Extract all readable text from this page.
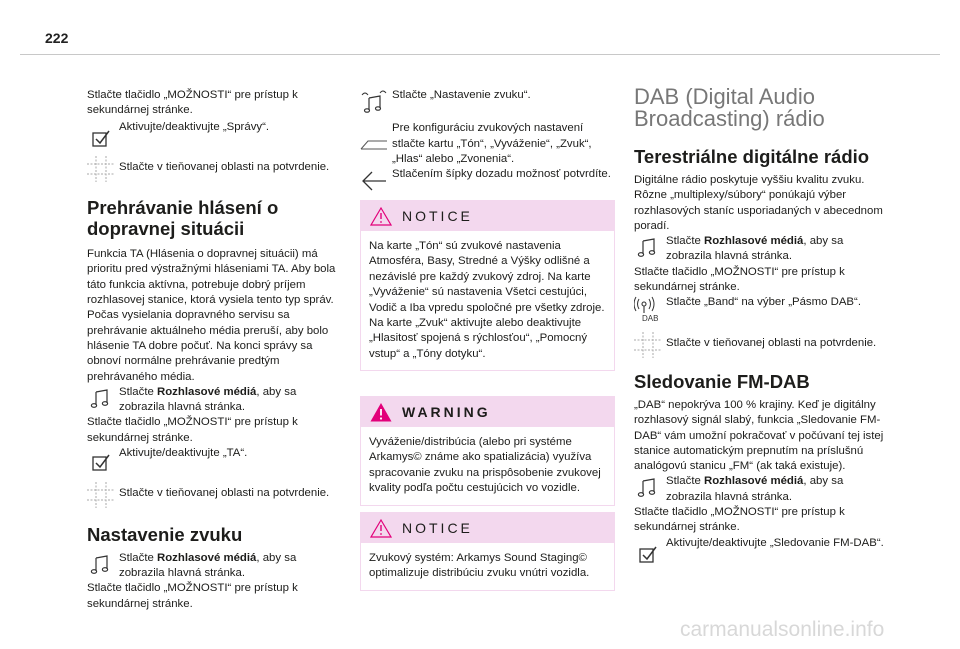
222

Stlačte tlačidlo „MOŽNOSTI“ pre prístup k sekundárnej stránke.

Aktivujte/deaktivujte „Správy“.

Stlačte v tieňovanej oblasti na potvrdenie.

Prehrávanie hlásení o dopravnej situácii

Funkcia TA (Hlásenia o dopravnej situácii) má prioritu pred výstražnými hláseniami TA. Aby bola táto funkcia aktívna, potrebuje dobrý príjem rozhlasovej stanice, ktorá vysiela tento typ správ. Počas vysielania dopravného servisu sa prehrávanie aktuálneho média preruší, aby bolo hlásenie TA dobre počuť. Na konci správy sa obnoví normálne prehrávanie predtým prehrávaného média.

Stlačte Rozhlasové médiá, aby sa zobrazila hlavná stránka.

Stlačte tlačidlo „MOŽNOSTI“ pre prístup k sekundárnej stránke.

Aktivujte/deaktivujte „TA“.

Stlačte v tieňovanej oblasti na potvrdenie.

Nastavenie zvuku

Stlačte Rozhlasové médiá, aby sa zobrazila hlavná stránka.

Stlačte tlačidlo „MOŽNOSTI“ pre prístup k sekundárnej stránke.

Stlačte „Nastavenie zvuku“.

Pre konfiguráciu zvukových nastavení stlačte kartu „Tón“, „Vyváženie“, „Zvuk“, „Hlas“ alebo „Zvonenia“.

Stlačením šípky dozadu možnosť potvrdíte.

NOTICE
Na karte „Tón“ sú zvukové nastavenia Atmosféra, Basy, Stredné a Výšky odlišné a nezávislé pre každý zvukový zdroj. Na karte „Vyváženie“ sú nastavenia Všetci cestujúci, Vodič a Iba vpredu spoločné pre všetky zdroje. Na karte „Zvuk“ aktivujte alebo deaktivujte „Hlasitosť spojená s rýchlosťou“, „Pomocný vstup“ a „Tóny dotyku“.
WARNING
Vyváženie/distribúcia (alebo pri systéme Arkamys© známe ako spatializácia) využíva spracovanie zvuku na prispôsobenie zvukovej kvality podľa počtu cestujúcich vo vozidle.
NOTICE
Zvukový systém: Arkamys Sound Staging© optimalizuje distribúciu zvuku vnútri vozidla.
DAB (Digital Audio Broadcasting) rádio
Terestriálne digitálne rádio

Digitálne rádio poskytuje vyššiu kvalitu zvuku. Rôzne „multiplexy/súbory“ ponúkajú výber rozhlasových staníc usporiadaných v abecednom poradí.

Stlačte Rozhlasové médiá, aby sa zobrazila hlavná stránka.

Stlačte tlačidlo „MOŽNOSTI“ pre prístup k sekundárnej stránke.

DAB

Stlačte „Band“ na výber „Pásmo DAB“.

Stlačte v tieňovanej oblasti na potvrdenie.

Sledovanie FM-DAB

„DAB“ nepokrýva 100 % krajiny. Keď je digitálny rozhlasový signál slabý, funkcia „Sledovanie FM-DAB“ vám umožní pokračovať v počúvaní tej istej stanice automatickým prepnutím na príslušnú analógovú stanicu „FM“ (ak taká existuje).

Stlačte Rozhlasové médiá, aby sa zobrazila hlavná stránka.

Stlačte tlačidlo „MOŽNOSTI“ pre prístup k sekundárnej stránke.

Aktivujte/deaktivujte „Sledovanie FM-DAB“.

carmanualsonline.info
